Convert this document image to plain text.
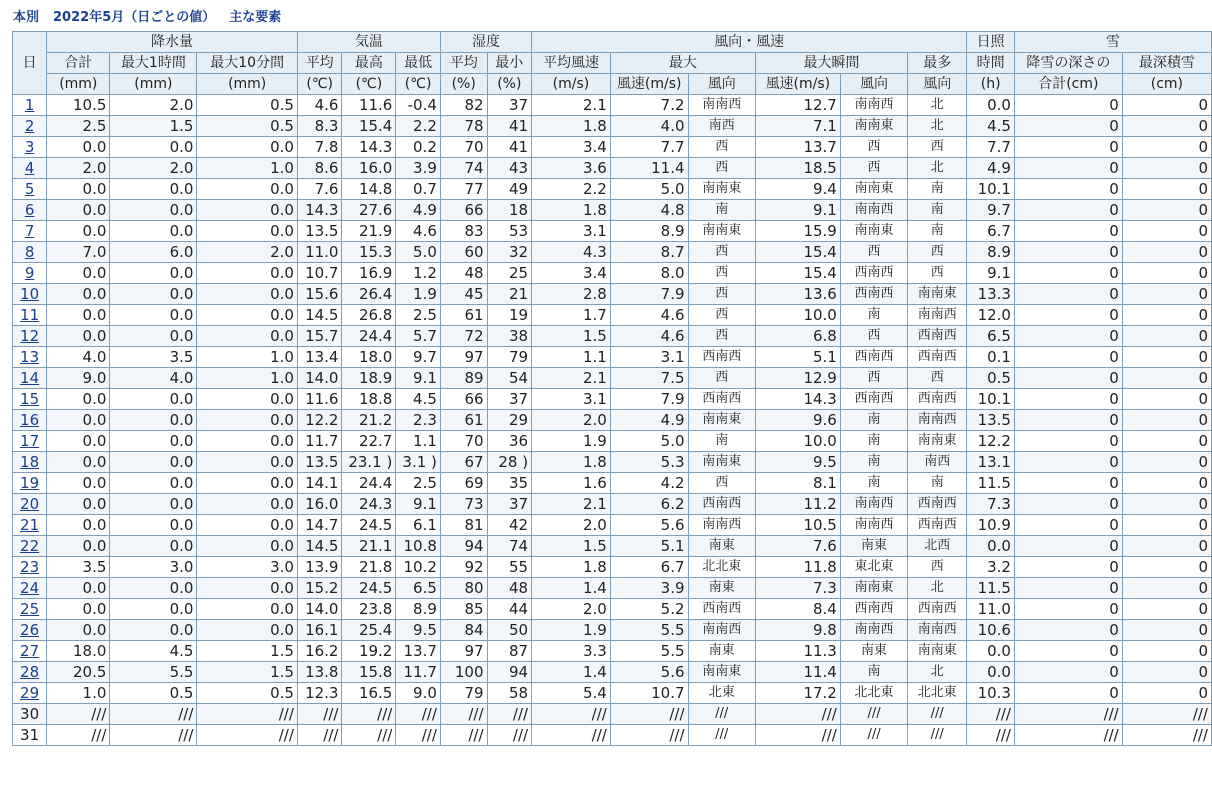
本別 2022年5月（日ごとの値） 主な要素
日	降水量			気温			湿度		風向・風速						日照	雪	
	合計	最大1時間	最大10分間	平均	最高	最低	平均	最小	平均風速	最大		最大瞬間		最多	時間	降雪の深さの	最深積雪
	(mm)	(mm)	(mm)	(℃)	(℃)	(℃)	(%)	(%)	(m/s)	風速(m/s)	風向	風速(m/s)	風向	風向	(h)	合計(cm)	(cm)
1	10.5	2.0	0.5	4.6	11.6	-0.4	82	37	2.1	7.2	南南西	12.7	南南西	北	0.0	0	0
2	2.5	1.5	0.5	8.3	15.4	2.2	78	41	1.8	4.0	南西	7.1	南南東	北	4.5	0	0
3	0.0	0.0	0.0	7.8	14.3	0.2	70	41	3.4	7.7	西	13.7	西	西	7.7	0	0
4	2.0	2.0	1.0	8.6	16.0	3.9	74	43	3.6	11.4	西	18.5	西	北	4.9	0	0
5	0.0	0.0	0.0	7.6	14.8	0.7	77	49	2.2	5.0	南南東	9.4	南南東	南	10.1	0	0
6	0.0	0.0	0.0	14.3	27.6	4.9	66	18	1.8	4.8	南	9.1	南南西	南	9.7	0	0
7	0.0	0.0	0.0	13.5	21.9	4.6	83	53	3.1	8.9	南南東	15.9	南南東	南	6.7	0	0
8	7.0	6.0	2.0	11.0	15.3	5.0	60	32	4.3	8.7	西	15.4	西	西	8.9	0	0
9	0.0	0.0	0.0	10.7	16.9	1.2	48	25	3.4	8.0	西	15.4	西南西	西	9.1	0	0
10	0.0	0.0	0.0	15.6	26.4	1.9	45	21	2.8	7.9	西	13.6	西南西	南南東	13.3	0	0
11	0.0	0.0	0.0	14.5	26.8	2.5	61	19	1.7	4.6	西	10.0	南	南南西	12.0	0	0
12	0.0	0.0	0.0	15.7	24.4	5.7	72	38	1.5	4.6	西	6.8	西	西南西	6.5	0	0
13	4.0	3.5	1.0	13.4	18.0	9.7	97	79	1.1	3.1	西南西	5.1	西南西	西南西	0.1	0	0
14	9.0	4.0	1.0	14.0	18.9	9.1	89	54	2.1	7.5	西	12.9	西	西	0.5	0	0
15	0.0	0.0	0.0	11.6	18.8	4.5	66	37	3.1	7.9	西南西	14.3	西南西	西南西	10.1	0	0
16	0.0	0.0	0.0	12.2	21.2	2.3	61	29	2.0	4.9	南南東	9.6	南	南南西	13.5	0	0
17	0.0	0.0	0.0	11.7	22.7	1.1	70	36	1.9	5.0	南	10.0	南	南南東	12.2	0	0
18	0.0	0.0	0.0	13.5	23.1 )	3.1 )	67	28 )	1.8	5.3	南南東	9.5	南	南西	13.1	0	0
19	0.0	0.0	0.0	14.1	24.4	2.5	69	35	1.6	4.2	西	8.1	南	南	11.5	0	0
20	0.0	0.0	0.0	16.0	24.3	9.1	73	37	2.1	6.2	西南西	11.2	南南西	西南西	7.3	0	0
21	0.0	0.0	0.0	14.7	24.5	6.1	81	42	2.0	5.6	南南西	10.5	南南西	西南西	10.9	0	0
22	0.0	0.0	0.0	14.5	21.1	10.8	94	74	1.5	5.1	南東	7.6	南東	北西	0.0	0	0
23	3.5	3.0	3.0	13.9	21.8	10.2	92	55	1.8	6.7	北北東	11.8	東北東	西	3.2	0	0
24	0.0	0.0	0.0	15.2	24.5	6.5	80	48	1.4	3.9	南東	7.3	南南東	北	11.5	0	0
25	0.0	0.0	0.0	14.0	23.8	8.9	85	44	2.0	5.2	西南西	8.4	西南西	西南西	11.0	0	0
26	0.0	0.0	0.0	16.1	25.4	9.5	84	50	1.9	5.5	南南西	9.8	南南西	南南西	10.6	0	0
27	18.0	4.5	1.5	16.2	19.2	13.7	97	87	3.3	5.5	南東	11.3	南東	南南東	0.0	0	0
28	20.5	5.5	1.5	13.8	15.8	11.7	100	94	1.4	5.6	南南東	11.4	南	北	0.0	0	0
29	1.0	0.5	0.5	12.3	16.5	9.0	79	58	5.4	10.7	北東	17.2	北北東	北北東	10.3	0	0
30	///	///	///	///	///	///	///	///	///	///	///	///	///	///	///	///	///
31	///	///	///	///	///	///	///	///	///	///	///	///	///	///	///	///	///
